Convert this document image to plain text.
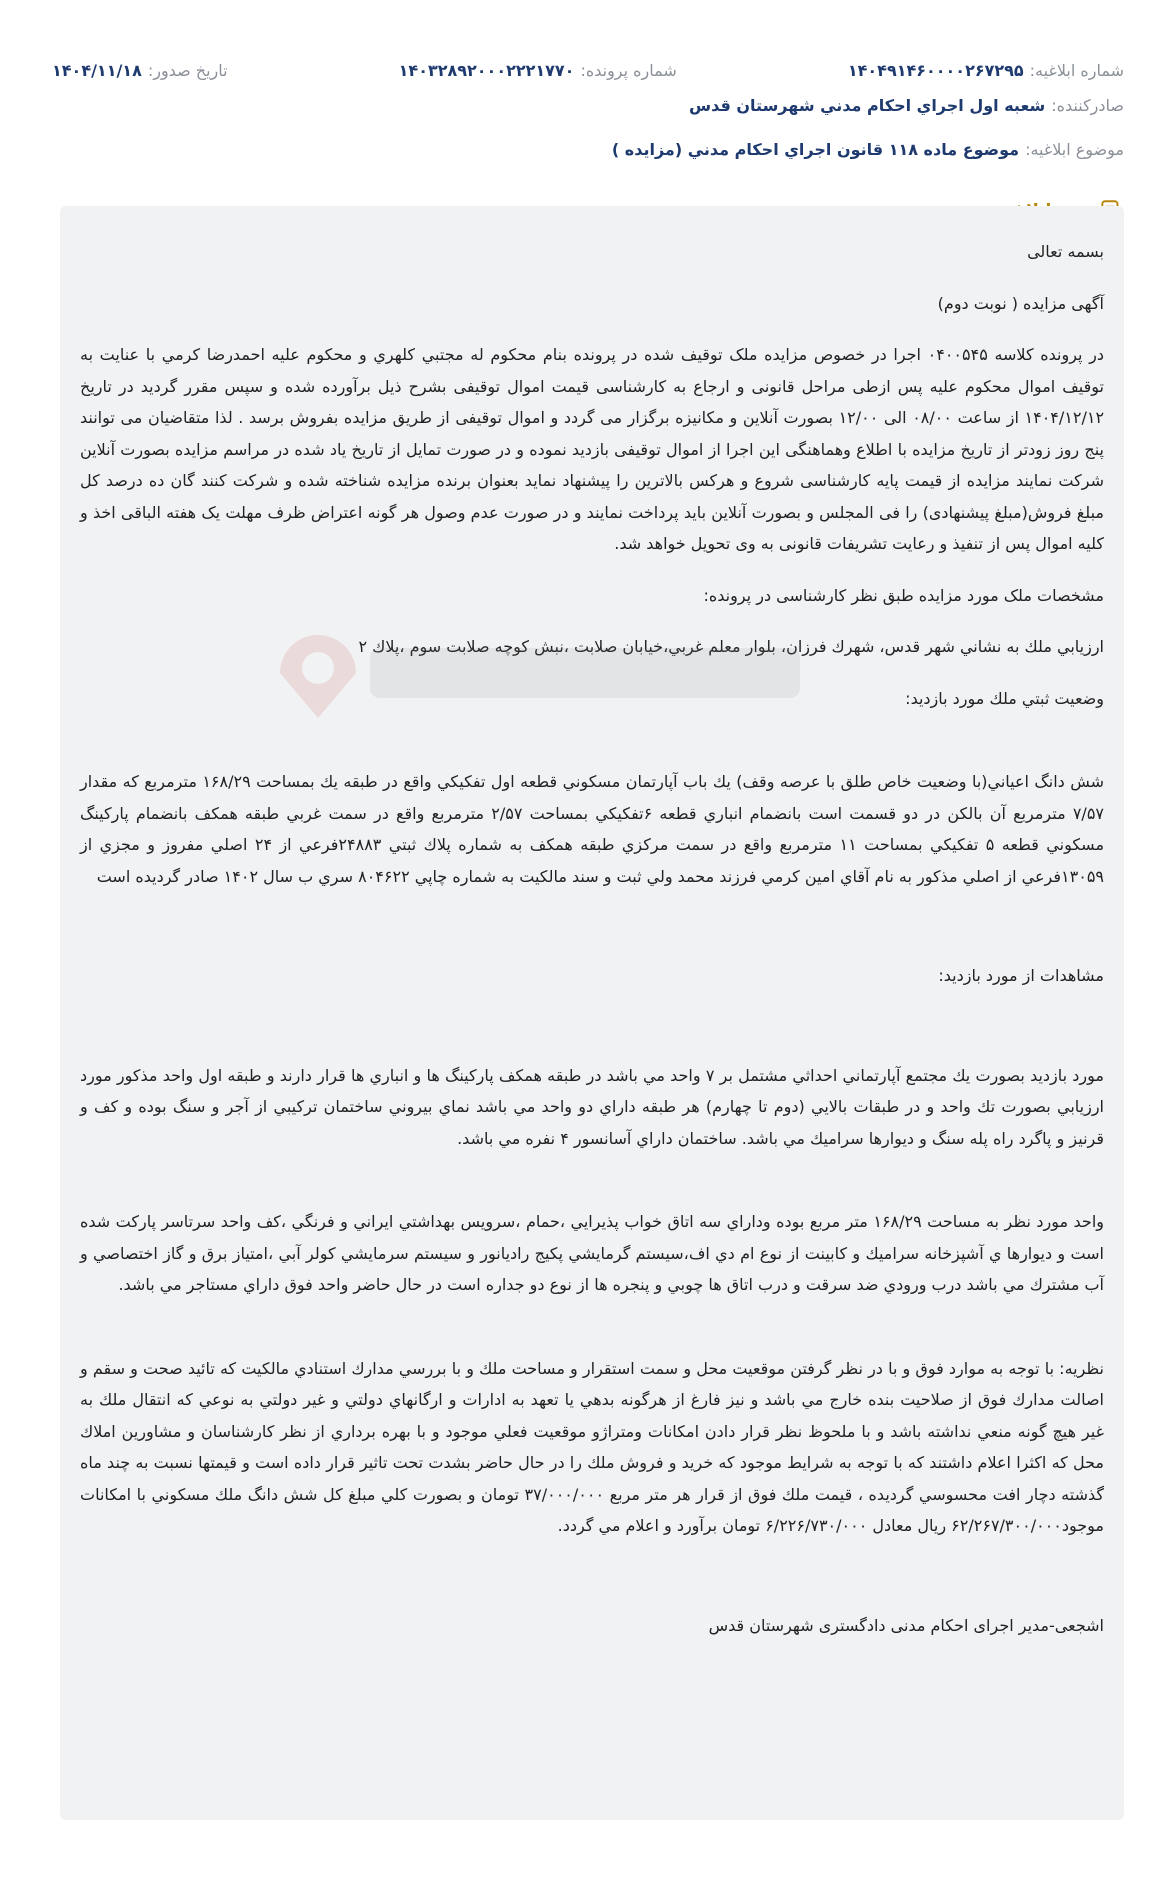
شماره ابلاغیه:
۱۴۰۴۹۱۴۶۰۰۰۰۲۶۷۲۹۵
شماره پرونده:
۱۴۰۳۲۸۹۲۰۰۰۲۲۲۱۷۷۰
تاریخ صدور:
۱۴۰۴/۱۱/۱۸
صادرکننده:
شعبه اول اجراي احكام مدني شهرستان قدس
موضوع ابلاغیه:
موضوع ماده ۱۱۸ قانون اجراي احكام مدني (مزايده )

بسمه تعالی

آگهی مزایده ( نوبت دوم)

در پرونده کلاسه ۰۴۰۰۵۴۵ اجرا در خصوص مزایده ملک توقیف شده در پرونده بنام محکوم له مجتبي كلهري و محکوم علیه احمدرضا كرمي با عنایت به توقیف اموال محکوم علیه پس ازطی مراحل قانونی و ارجاع به کارشناسی قیمت اموال توقیفی بشرح ذیل برآورده شده و سپس مقرر گردید در تاریخ ۱۴۰۴/۱۲/۱۲ از ساعت ۰۸/۰۰ الی ۱۲/۰۰ بصورت آنلاین و مکانیزه برگزار می گردد و اموال توقیفی از طریق مزایده بفروش برسد . لذا متقاضیان می توانند پنج روز زودتر از تاریخ مزایده با اطلاع وهماهنگی این اجرا از اموال توقیفی بازدید نموده و در صورت تمایل از تاریخ یاد شده در مراسم مزایده بصورت آنلاین شرکت نمایند مزایده از قیمت پایه کارشناسی شروع و هرکس بالاترین را پیشنهاد نماید بعنوان برنده مزایده شناخته شده و شرکت کنند گان ده درصد کل مبلغ فروش(مبلغ پیشنهادی) را فی المجلس و بصورت آنلاین باید پرداخت نمایند و در صورت عدم وصول هر گونه اعتراض ظرف مهلت یک هفته الباقی اخذ و کلیه اموال پس از تنفیذ و رعایت تشریفات قانونی به وی تحویل خواهد شد.

مشخصات ملک مورد مزایده طبق نظر کارشناسی در پرونده:

ارزيابي ملك به نشاني شهر قدس، شهرك فرزان، بلوار معلم غربي،خيابان صلابت ،نبش كوچه صلابت سوم ،پلاك ۲

وضعيت ثبتي ملك مورد بازديد:

شش دانگ اعياني(با وضعيت خاص طلق با عرصه وقف) يك باب آپارتمان مسكوني قطعه اول تفكيكي واقع در طبقه يك بمساحت ۱۶۸/۲۹ مترمربع كه مقدار ۷/۵۷ مترمربع آن بالكن در دو قسمت است بانضمام انباري قطعه ۶تفكيكي بمساحت ۲/۵۷ مترمربع واقع در سمت غربي طبقه همكف بانضمام پاركينگ مسكوني قطعه ۵ تفكيكي بمساحت ۱۱ مترمربع واقع در سمت مركزي طبقه همكف به شماره پلاك ثبتي ۲۴۸۸۳فرعي از ۲۴ اصلي مفروز و مجزي از ۱۳۰۵۹فرعي از اصلي مذكور به نام آقاي امين كرمي فرزند محمد ولي ثبت و سند مالكيت به شماره چاپي ۸۰۴۶۲۲ سري ب سال ۱۴۰۲ صادر گرديده است

مشاهدات از مورد بازديد:

مورد بازديد بصورت يك مجتمع آپارتماني احداثي مشتمل بر ۷ واحد مي باشد در طبقه همكف پاركينگ ها و انباري ها قرار دارند و طبقه اول واحد مذكور مورد ارزيابي بصورت تك واحد و در طبقات بالايي (دوم تا چهارم) هر طبقه داراي دو واحد مي باشد نماي بيروني ساختمان تركيبي از آجر و سنگ بوده و كف و قرنيز و پاگرد راه پله سنگ و ديوارها سراميك مي باشد. ساختمان داراي آسانسور ۴ نفره مي باشد.

واحد مورد نظر به مساحت ۱۶۸/۲۹ متر مربع بوده وداراي سه اتاق خواب پذيرايي ،حمام ،سرويس بهداشتي ايراني و فرنگي ،كف واحد سرتاسر پاركت شده است و ديوارها ي آشپزخانه سراميك و كابينت از نوع ام دي اف،سيستم گرمايشي پكيج راديانور و سيستم سرمايشي كولر آبي ،امتياز برق و گاز اختصاصي و آب مشترك مي باشد درب ورودي ضد سرقت و درب اتاق ها چوبي و پنجره ها از نوع دو جداره است در حال حاضر واحد فوق داراي مستاجر مي باشد.

نظريه: با توجه به موارد فوق و با در نظر گرفتن موقعيت محل و سمت استقرار و مساحت ملك و با بررسي مدارك استنادي مالكيت كه تائيد صحت و سقم و اصالت مدارك فوق از صلاحيت بنده خارج مي باشد و نيز فارغ از هرگونه بدهي يا تعهد به ادارات و ارگانهاي دولتي و غير دولتي به نوعي كه انتقال ملك به غير هيچ گونه منعي نداشته باشد و با ملحوظ نظر قرار دادن امكانات ومتراژو موقعيت فعلي موجود و با بهره برداري از نظر كارشناسان و مشاورين املاك محل كه اكثرا اعلام داشتند كه با توجه به شرايط موجود كه خريد و فروش ملك را در حال حاضر بشدت تحت تاثير قرار داده است و قيمتها نسبت به چند ماه گذشته دچار افت محسوسي گرديده ، قيمت ملك فوق از قرار هر متر مربع ۳۷/۰۰۰/۰۰۰ تومان و بصورت كلي مبلغ كل شش دانگ ملك مسكوني با امكانات موجود۶۲/۲۶۷/۳۰۰/۰۰۰ ريال معادل ۶/۲۲۶/۷۳۰/۰۰۰ تومان برآورد و اعلام مي گردد.

اشجعی-مدیر اجرای احکام مدنی دادگستری شهرستان قدس
